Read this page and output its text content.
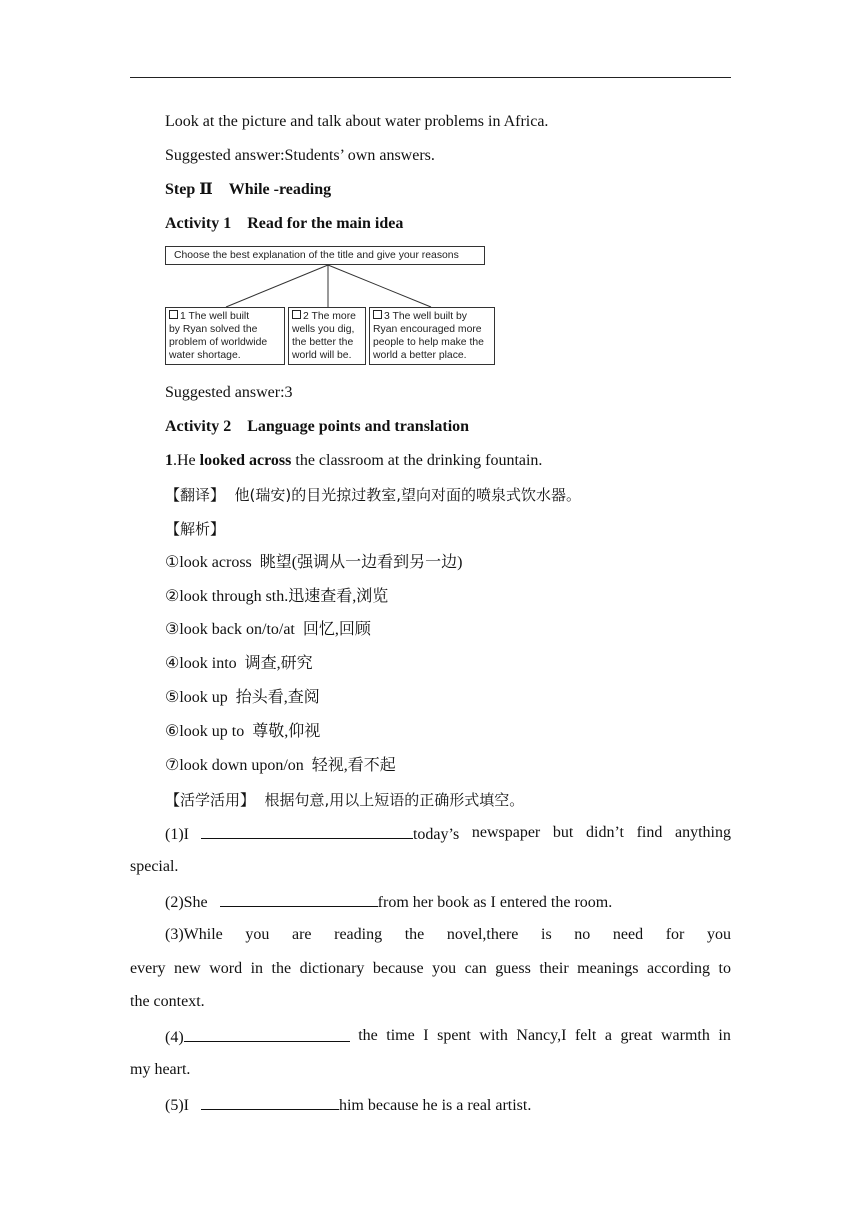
Look at the picture and talk about water problems in Africa.
Suggested answer:Students’ own answers.
Step Ⅱ While -reading
Activity 1    Read for the main idea
Choose the best explanation of the title and give your reasons
1 The well built
by Ryan solved the
problem of worldwide
water shortage.
2 The more
wells you dig,
the better the
world will be.
3 The well built by
Ryan encouraged more
people to help make the
world a better place.
Suggested answer:3
Activity 2    Language points and translation
1.He looked across the classroom at the drinking fountain.
【翻译】  他(瑞安)的目光掠过教室,望向对面的喷泉式饮水器。
【解析】
①look across  眺望(强调从一边看到另一边)
②look through sth.迅速查看,浏览
③look back on/to/at  回忆,回顾
④look into  调查,研究
⑤look up  抬头看,查阅
⑥look up to  尊敬,仰视
⑦look down upon/on  轻视,看不起
【活学活用】  根据句意,用以上短语的正确形式填空。
(1)I	today’s newspaper but didn’t find anything
special.
(2)She	from her book as I entered the room.
(3)While you are reading the novel,there is no need for you
every new word in the dictionary because you can guess their meanings according to
the context.
(4)	the time I spent with Nancy,I felt a great warmth in
my heart.
(5)I	him because he is a real artist.
